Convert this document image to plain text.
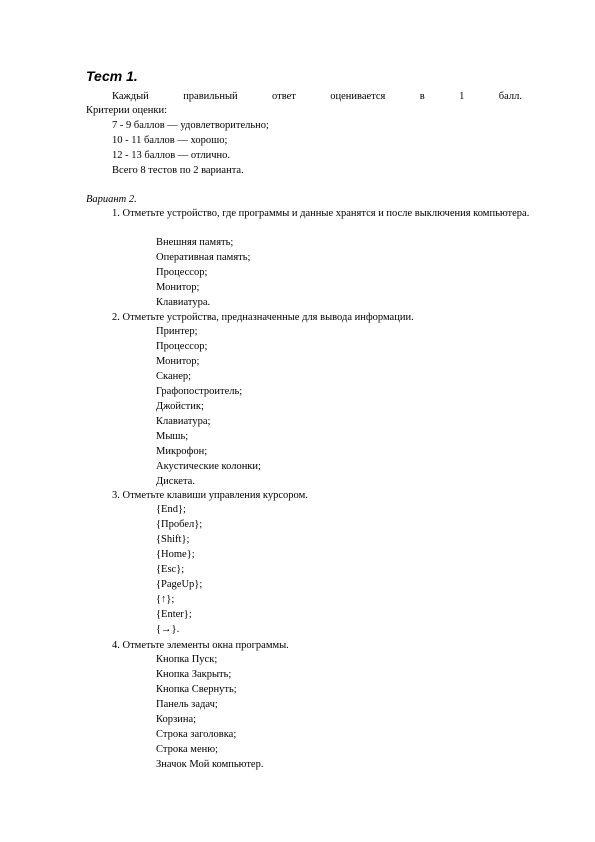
Тест 1.
Каждый	правильный	ответ	оценивается	в	1	балл.
Критерии оценки:
7 - 9 баллов — удовлетворительно;
10 - 11 баллов — хорошо;
12 - 13 баллов — отлично.
Всего 8 тестов по 2 варианта.
Вариант 2.
1. Отметьте устройство, где программы и данные хранятся и после выключения компьютера.
Внешняя память;
Оперативная память;
Процессор;
Монитор;
Клавиатура.
2. Отметьте устройства, предназначенные для вывода информации.
Принтер;
Процессор;
Монитор;
Сканер;
Графопостроитель;
Джойстик;
Клавиатура;
Мышь;
Микрофон;
Акустические колонки;
Дискета.
3. Отметьте клавиши управления курсором.
{End};
{Пробел};
{Shift};
{Home};
{Esc};
{PageUp};
{↑};
{Enter};
{→}.
4. Отметьте элементы окна программы.
Кнопка Пуск;
Кнопка Закрыть;
Кнопка Свернуть;
Панель задач;
Корзина;
Строка заголовка;
Строка меню;
Значок Мой компьютер.
